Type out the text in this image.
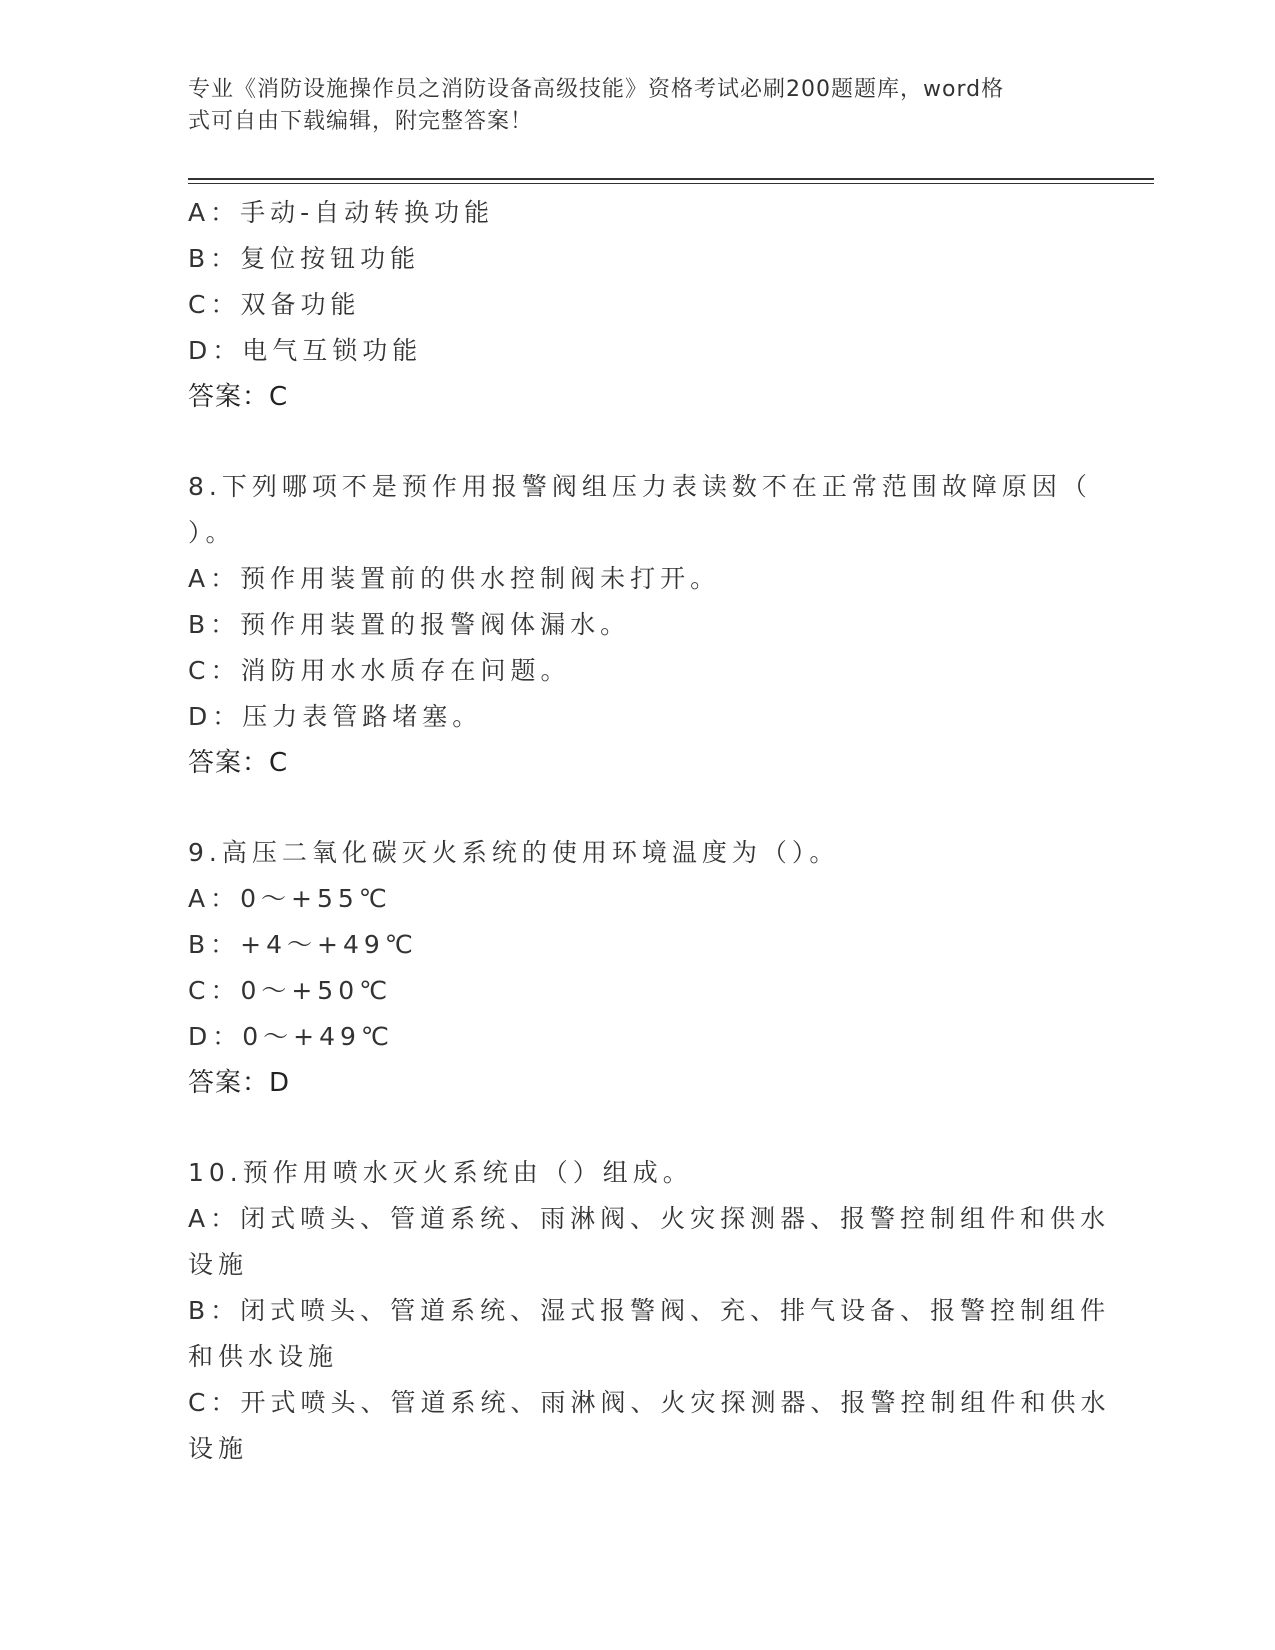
专业《消防设施操作员之消防设备高级技能》资格考试必刷200题题库，word格
式可自由下载编辑，附完整答案！
A：手动-自动转换功能
B：复位按钮功能
C：双备功能
D：电气互锁功能
答案：C
8.下列哪项不是预作用报警阀组压力表读数不在正常范围故障原因（
）。
A：预作用装置前的供水控制阀未打开。
B：预作用装置的报警阀体漏水。
C：消防用水水质存在问题。
D：压力表管路堵塞。
答案：C
9.高压二氧化碳灭火系统的使用环境温度为（）。
A：0～+55℃
B：+4～+49℃
C：0～+50℃
D：0～+49℃
答案：D
10.预作用喷水灭火系统由（）组成。
A：闭式喷头、管道系统、雨淋阀、火灾探测器、报警控制组件和供水
设施
B：闭式喷头、管道系统、湿式报警阀、充、排气设备、报警控制组件
和供水设施
C：开式喷头、管道系统、雨淋阀、火灾探测器、报警控制组件和供水
设施
